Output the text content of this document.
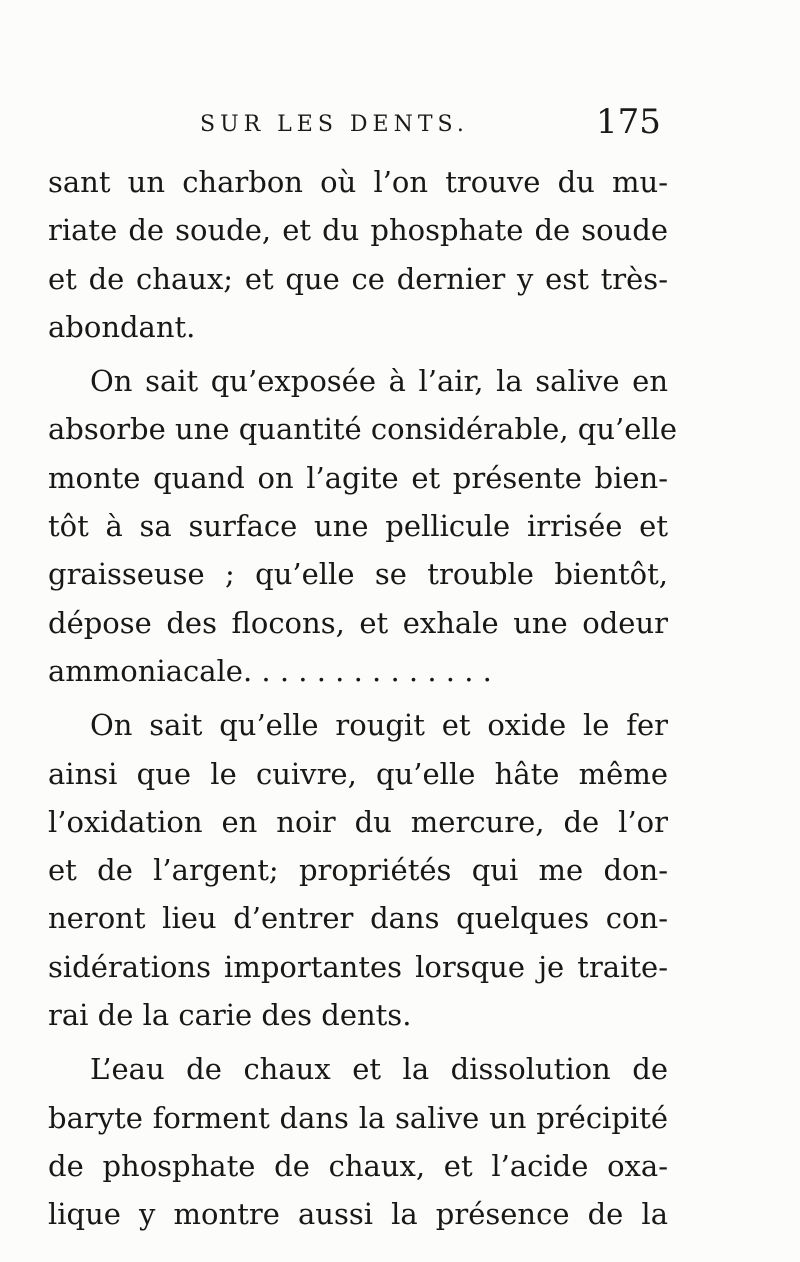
SUR LES DENTS.	175
sant un charbon où l’on trouve du mu-
riate de soude, et du phosphate de soude
et de chaux; et que ce dernier y est très-
abondant.
On sait qu’exposée à l’air, la salive en
absorbe une quantité considérable, qu’elle
monte quand on l’agite et présente bien-
tôt à sa surface une pellicule irrisée et
graisseuse ; qu’elle se trouble bientôt,
dépose des flocons, et exhale une odeur
ammoniacale. . . . . . . . . . . . . .
On sait qu’elle rougit et oxide le fer
ainsi que le cuivre, qu’elle hâte même
l’oxidation en noir du mercure, de l’or
et de l’argent; propriétés qui me don-
neront lieu d’entrer dans quelques con-
sidérations importantes lorsque je traite-
rai de la carie des dents.
L’eau de chaux et la dissolution de
baryte forment dans la salive un précipité
de phosphate de chaux, et l’acide oxa-
lique y montre aussi la présence de la
